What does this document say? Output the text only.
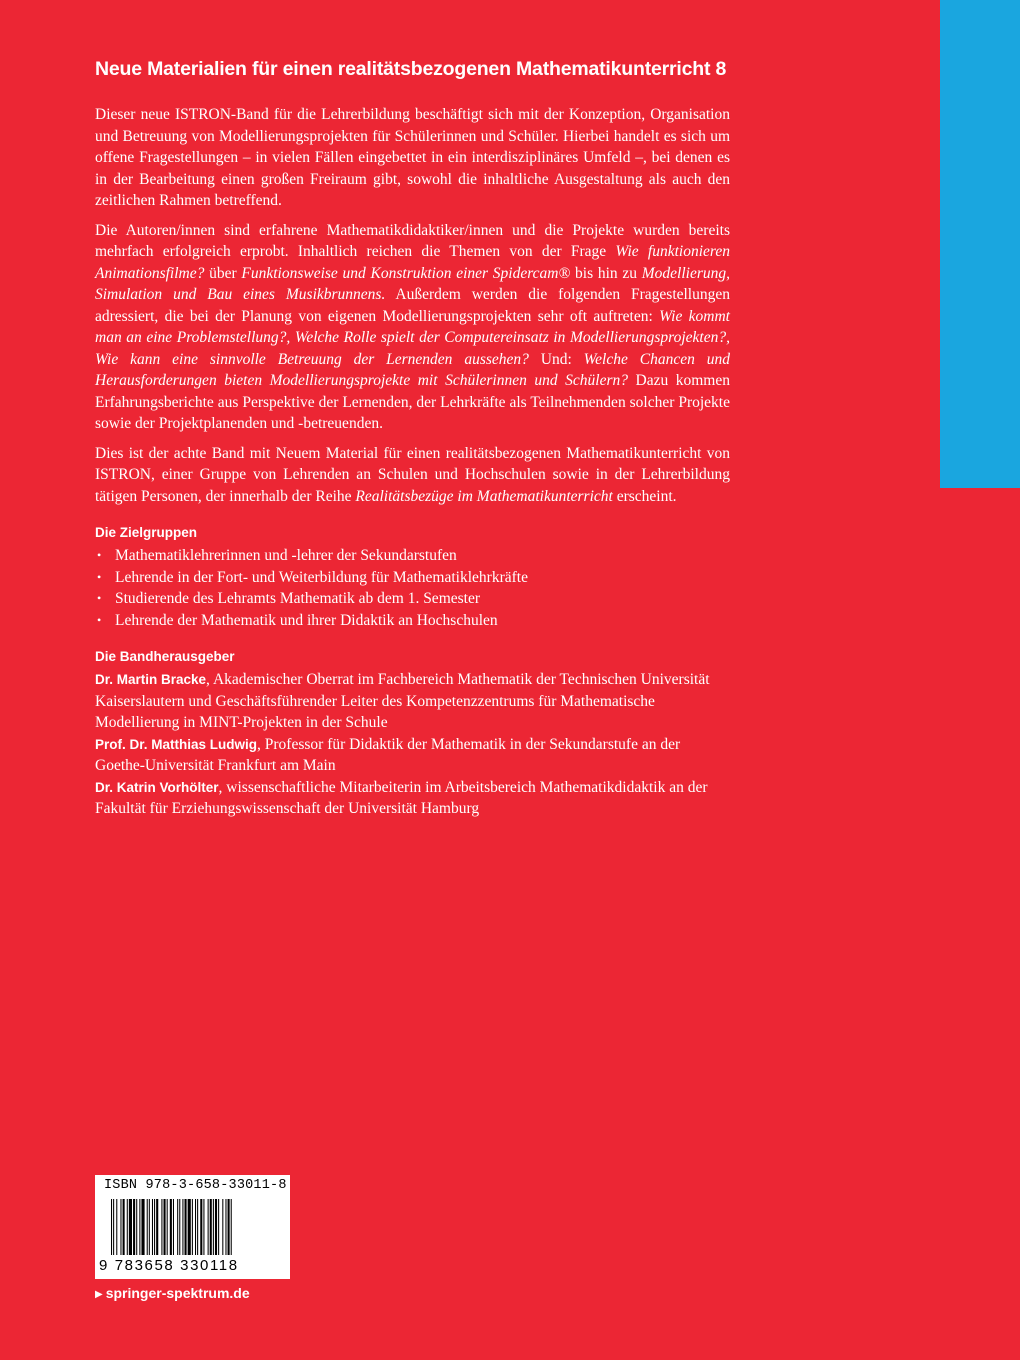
Neue Materialien für einen realitätsbezogenen Mathematikunterricht 8

Dieser neue ISTRON-Band für die Lehrerbildung beschäftigt sich mit der Konzeption, Organisation und Betreuung von Modellierungsprojekten für Schülerinnen und Schüler. Hierbei handelt es sich um offene Fragestellungen – in vielen Fällen eingebettet in ein interdisziplinäres Umfeld –, bei denen es in der Bearbeitung einen großen Freiraum gibt, sowohl die inhaltliche Ausgestaltung als auch den zeitlichen Rahmen betreffend.

Die Autoren/innen sind erfahrene Mathematikdidaktiker/innen und die Projekte wurden bereits mehrfach erfolgreich erprobt. Inhaltlich reichen die Themen von der Frage Wie funktionieren Animationsfilme? über Funktionsweise und Konstruktion einer Spidercam® bis hin zu Modellierung, Simulation und Bau eines Musikbrunnens. Außerdem werden die folgenden Fragestellungen adressiert, die bei der Planung von eigenen Modellierungsprojekten sehr oft auftreten: Wie kommt man an eine Problemstellung?, Welche Rolle spielt der Computereinsatz in Modellierungsprojekten?, Wie kann eine sinnvolle Betreuung der Lernenden aussehen? Und: Welche Chancen und Herausforderungen bieten Modellierungsprojekte mit Schülerinnen und Schülern? Dazu kommen Erfahrungsberichte aus Perspektive der Lernenden, der Lehrkräfte als Teilnehmenden solcher Projekte sowie der Projektplanenden und -betreuenden.

Dies ist der achte Band mit Neuem Material für einen realitätsbezogenen Mathematikunterricht von ISTRON, einer Gruppe von Lehrenden an Schulen und Hochschulen sowie in der Lehrerbildung tätigen Personen, der innerhalb der Reihe Realitätsbezüge im Mathematikunterricht erscheint.

Die Zielgruppen
• Mathematiklehrerinnen und -lehrer der Sekundarstufen
• Lehrende in der Fort- und Weiterbildung für Mathematiklehrkräfte
• Studierende des Lehramts Mathematik ab dem 1. Semester
• Lehrende der Mathematik und ihrer Didaktik an Hochschulen
Die Bandherausgeber

Dr. Martin Bracke, Akademischer Oberrat im Fachbereich Mathematik der Technischen Universität Kaiserslautern und Geschäftsführender Leiter des Kompetenzzentrums für Mathematische Modellierung in MINT-Projekten in der Schule

Prof. Dr. Matthias Ludwig, Professor für Didaktik der Mathematik in der Sekundarstufe an der Goethe-Universität Frankfurt am Main

Dr. Katrin Vorhölter, wissenschaftliche Mitarbeiterin im Arbeitsbereich Mathematikdidaktik an der Fakultät für Erziehungswissenschaft der Universität Hamburg

ISBN 978-3-658-33011-8
9 783658 330118
▶ springer-spektrum.de
